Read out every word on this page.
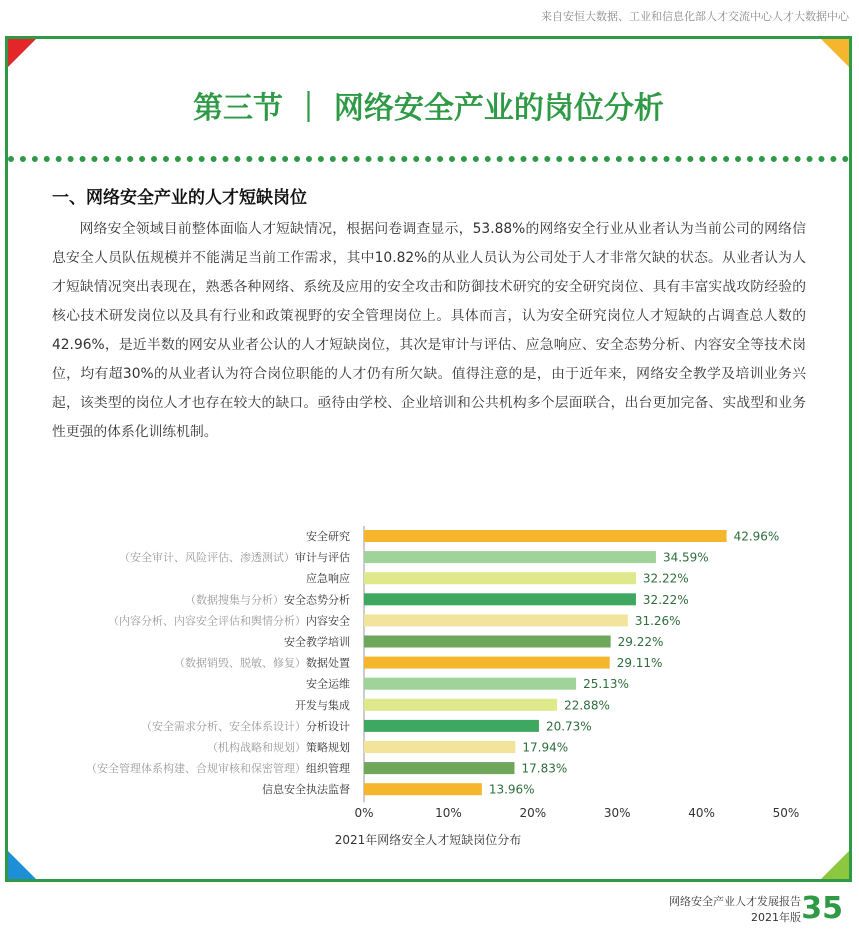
来自安恒大数据、工业和信息化部人才交流中心人才大数据中心
第三节 ｜ 网络安全产业的岗位分析
一、网络安全产业的人才短缺岗位

网络安全领域目前整体面临人才短缺情况，根据问卷调查显示，53.88%的网络安全行业从业者认为当前公司的网络信息安全人员队伍规模并不能满足当前工作需求，其中10.82%的从业人员认为公司处于人才非常欠缺的状态。从业者认为人才短缺情况突出表现在，熟悉各种网络、系统及应用的安全攻击和防御技术研究的安全研究岗位、具有丰富实战攻防经验的核心技术研发岗位以及具有行业和政策视野的安全管理岗位上。具体而言，认为安全研究岗位人才短缺的占调查总人数的42.96%，是近半数的网安从业者公认的人才短缺岗位，其次是审计与评估、应急响应、安全态势分析、内容安全等技术岗位，均有超30%的从业者认为符合岗位职能的人才仍有所欠缺。值得注意的是，由于近年来，网络安全教学及培训业务兴起，该类型的岗位人才也存在较大的缺口。亟待由学校、企业培训和公共机构多个层面联合，出台更加完备、实战型和业务性更强的体系化训练机制。

42.96%
安全研究
34.59%
（安全审计、风险评估、渗透测试）审计与评估
32.22%
应急响应
32.22%
（数据搜集与分析）安全态势分析
31.26%
（内容分析、内容安全评估和舆情分析）内容安全
29.22%
安全教学培训
29.11%
（数据销毁、脱敏、修复）数据处置
25.13%
安全运维
22.88%
开发与集成
20.73%
（安全需求分析、安全体系设计）分析设计
17.94%
（机构战略和规划）策略规划
17.83%
（安全管理体系构建、合规审核和保密管理）组织管理
13.96%
信息安全执法监督
0%	10%	20%	30%	40%	50%
2021年网络安全人才短缺岗位分布
网络安全产业人才发展报告
2021年版 35
